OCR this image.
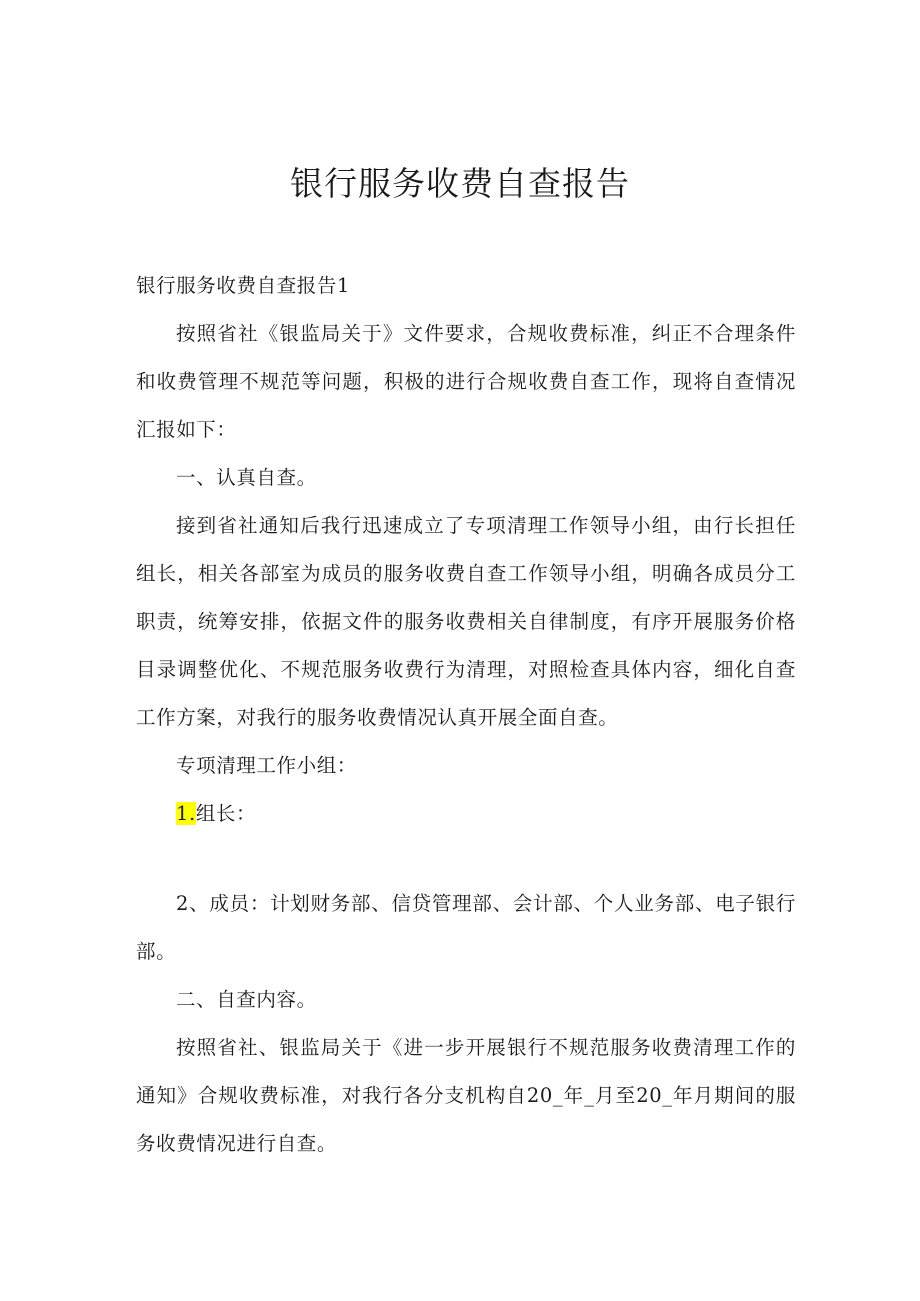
银行服务收费自查报告

银行服务收费自查报告1

按照省社《银监局关于》文件要求，合规收费标准，纠正不合理条件和收费管理不规范等问题，积极的进行合规收费自查工作，现将自查情况汇报如下：

一、认真自查。

接到省社通知后我行迅速成立了专项清理工作领导小组，由行长担任组长，相关各部室为成员的服务收费自查工作领导小组，明确各成员分工职责，统筹安排，依据文件的服务收费相关自律制度，有序开展服务价格目录调整优化、不规范服务收费行为清理，对照检查具体内容，细化自查工作方案，对我行的服务收费情况认真开展全面自查。

专项清理工作小组：

1.组长：

2、成员：计划财务部、信贷管理部、会计部、个人业务部、电子银行部。

二、自查内容。

按照省社、银监局关于《进一步开展银行不规范服务收费清理工作的通知》合规收费标准，对我行各分支机构自20_年_月至20_年月期间的服务收费情况进行自查。
